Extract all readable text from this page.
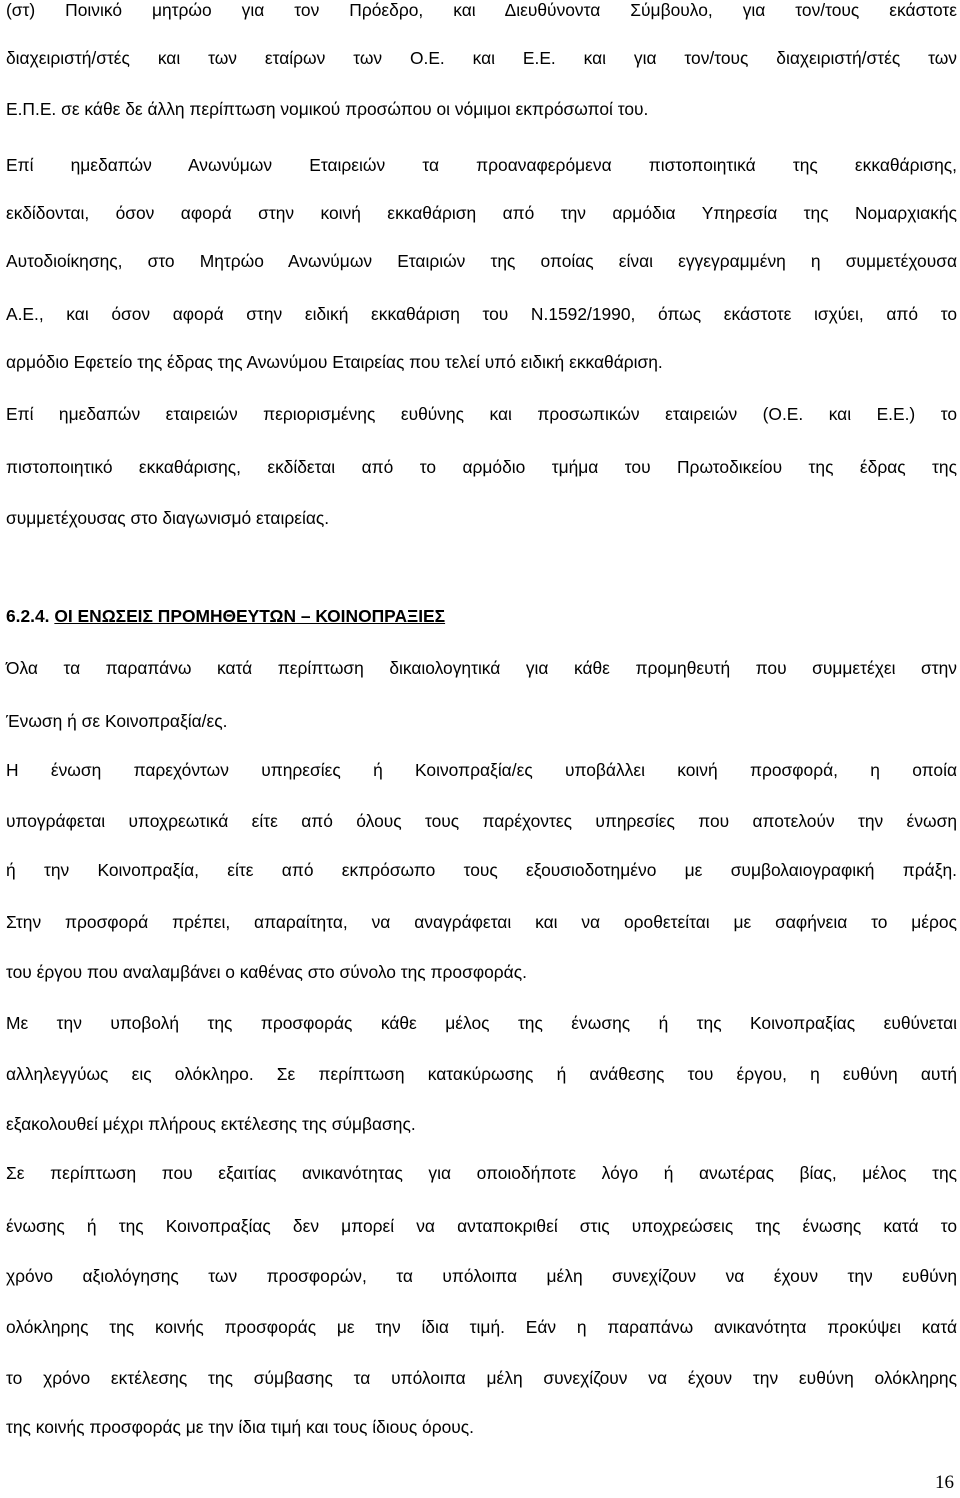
(στ) Ποινικό μητρώο για τον Πρόεδρο, και Διευθύνοντα Σύμβουλο, για τον/τους εκάστοτε
διαχειριστή/στές και των εταίρων των Ο.Ε. και Ε.Ε. και για τον/τους διαχειριστή/στές των
Ε.Π.Ε. σε κάθε δε άλλη περίπτωση νομικού προσώπου οι νόμιμοι εκπρόσωποί του.
Επί ημεδαπών Ανωνύμων Εταιρειών τα προαναφερόμενα πιστοποιητικά της εκκαθάρισης,
εκδίδονται, όσον αφορά στην κοινή εκκαθάριση από την αρμόδια Υπηρεσία της Νομαρχιακής
Αυτοδιοίκησης, στο Μητρώο Ανωνύμων Εταιριών της οποίας είναι εγγεγραμμένη η συμμετέχουσα
Α.Ε., και όσον αφορά στην ειδική εκκαθάριση του Ν.1592/1990, όπως εκάστοτε ισχύει, από το
αρμόδιο Εφετείο της έδρας της Ανωνύμου Εταιρείας που τελεί υπό ειδική εκκαθάριση.
Επί ημεδαπών εταιρειών περιορισμένης ευθύνης και προσωπικών εταιρειών (Ο.Ε. και Ε.Ε.) το
πιστοποιητικό εκκαθάρισης, εκδίδεται από το αρμόδιο τμήμα του Πρωτοδικείου της έδρας της
συμμετέχουσας στο διαγωνισμό εταιρείας.
6.2.4. ΟΙ ΕΝΩΣΕΙΣ ΠΡΟΜΗΘΕΥΤΩΝ – ΚΟΙΝΟΠΡΑΞΙΕΣ
Όλα τα παραπάνω κατά περίπτωση δικαιολογητικά για κάθε προμηθευτή που συμμετέχει στην
Ένωση ή σε Κοινοπραξία/ες.
Η ένωση παρεχόντων υπηρεσίες ή Κοινοπραξία/ες υποβάλλει κοινή προσφορά, η οποία
υπογράφεται υποχρεωτικά είτε από όλους τους παρέχοντες υπηρεσίες που αποτελούν την ένωση
ή την Κοινοπραξία, είτε από εκπρόσωπο τους εξουσιοδοτημένο με συμβολαιογραφική πράξη.
Στην προσφορά πρέπει, απαραίτητα, να αναγράφεται και να οροθετείται με σαφήνεια το μέρος
του έργου που αναλαμβάνει ο καθένας στο σύνολο της προσφοράς.
Με την υποβολή της προσφοράς κάθε μέλος της ένωσης ή της Κοινοπραξίας ευθύνεται
αλληλεγγύως εις ολόκληρο. Σε περίπτωση κατακύρωσης ή ανάθεσης του έργου, η ευθύνη αυτή
εξακολουθεί μέχρι πλήρους εκτέλεσης της σύμβασης.
Σε περίπτωση που εξαιτίας ανικανότητας για οποιοδήποτε λόγο ή ανωτέρας βίας, μέλος της
ένωσης ή της Κοινοπραξίας δεν μπορεί να ανταποκριθεί στις υποχρεώσεις της ένωσης κατά το
χρόνο αξιολόγησης των προσφορών, τα υπόλοιπα μέλη συνεχίζουν να έχουν την ευθύνη
ολόκληρης της κοινής προσφοράς με την ίδια τιμή. Εάν η παραπάνω ανικανότητα προκύψει κατά
το χρόνο εκτέλεσης της σύμβασης τα υπόλοιπα μέλη συνεχίζουν να έχουν την ευθύνη ολόκληρης
της κοινής προσφοράς με την ίδια τιμή και τους ίδιους όρους.
16
